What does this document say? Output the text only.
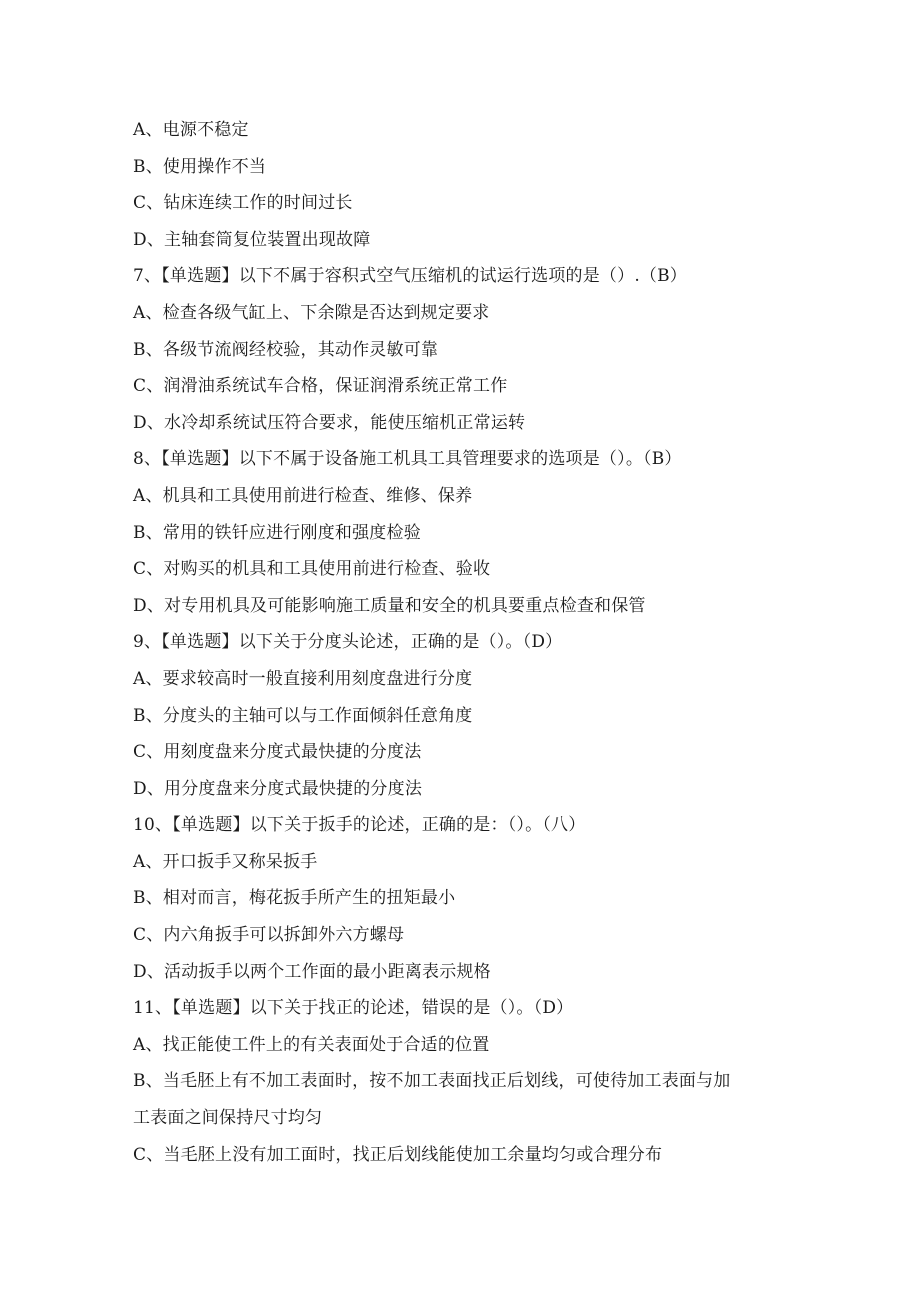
A、电源不稳定
B、使用操作不当
C、钻床连续工作的时间过长
D、主轴套筒复位装置出现故障
7、【单选题】以下不属于容积式空气压缩机的试运行选项的是（）.（B）
A、检查各级气缸上、下余隙是否达到规定要求
B、各级节流阀经校验，其动作灵敏可靠
C、润滑油系统试车合格，保证润滑系统正常工作
D、水冷却系统试压符合要求，能使压缩机正常运转
8、【单选题】以下不属于设备施工机具工具管理要求的选项是（）。（B）
A、机具和工具使用前进行检查、维修、保养
B、常用的铁钎应进行刚度和强度检验
C、对购买的机具和工具使用前进行检查、验收
D、对专用机具及可能影响施工质量和安全的机具要重点检查和保管
9、【单选题】以下关于分度头论述，正确的是（）。（D）
A、要求较高时一般直接利用刻度盘进行分度
B、分度头的主轴可以与工作面倾斜任意角度
C、用刻度盘来分度式最快捷的分度法
D、用分度盘来分度式最快捷的分度法
10、【单选题】以下关于扳手的论述，正确的是：（）。（八）
A、开口扳手又称呆扳手
B、相对而言，梅花扳手所产生的扭矩最小
C、内六角扳手可以拆卸外六方螺母
D、活动扳手以两个工作面的最小距离表示规格
11、【单选题】以下关于找正的论述，错误的是（）。（D）
A、找正能使工件上的有关表面处于合适的位置
B、当毛胚上有不加工表面时，按不加工表面找正后划线，可使待加工表面与加
工表面之间保持尺寸均匀
C、当毛胚上没有加工面时，找正后划线能使加工余量均匀或合理分布
